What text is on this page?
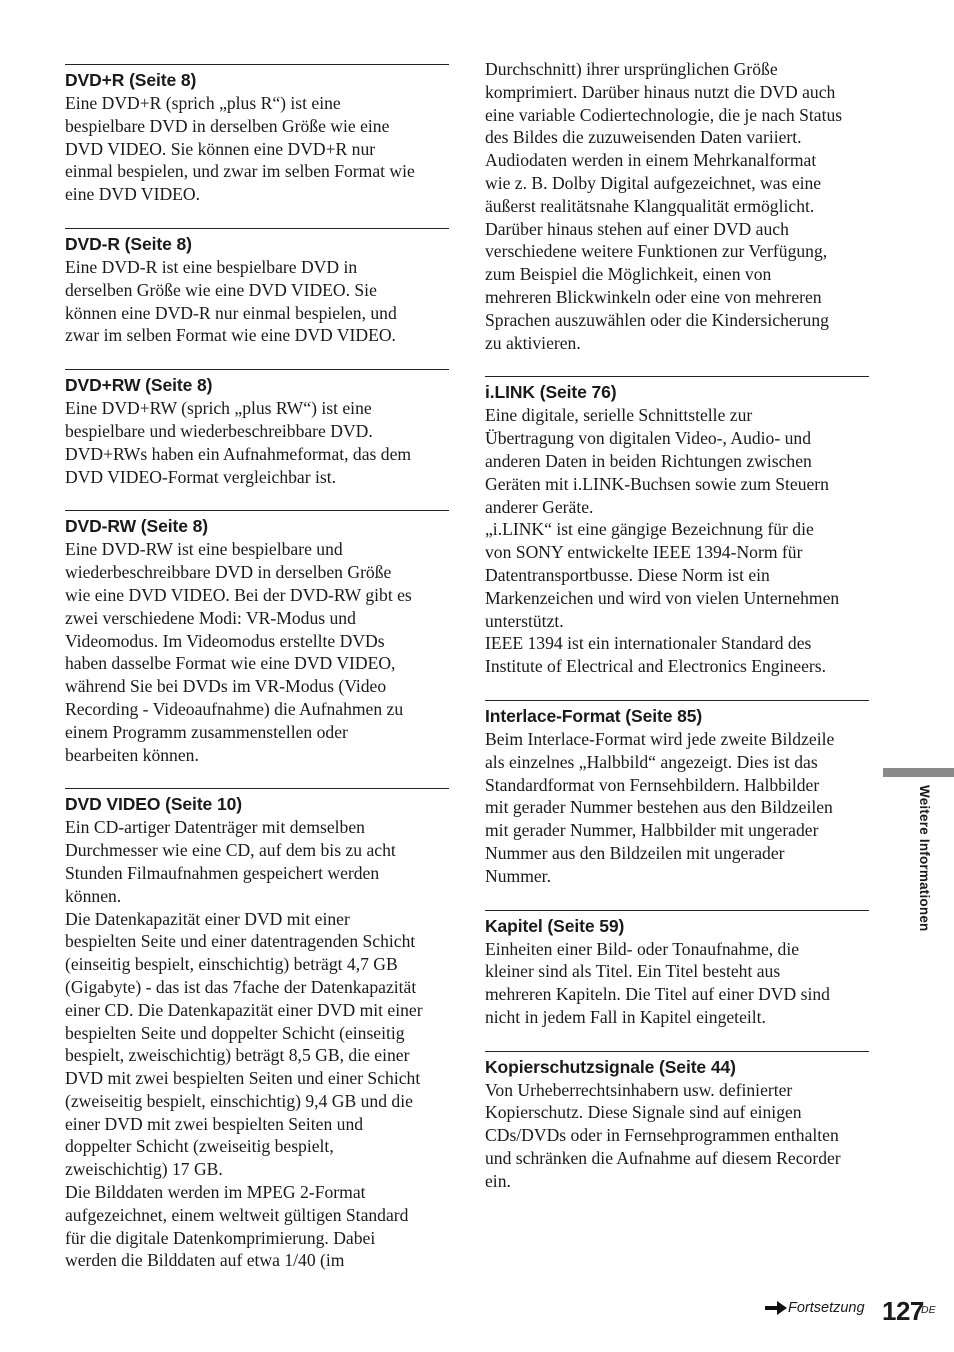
DVD+R (Seite 8)

Eine DVD+R (sprich „plus R“) ist eine
bespielbare DVD in derselben Größe wie eine
DVD VIDEO. Sie können eine DVD+R nur
einmal bespielen, und zwar im selben Format wie
eine DVD VIDEO.

DVD-R (Seite 8)

Eine DVD-R ist eine bespielbare DVD in
derselben Größe wie eine DVD VIDEO. Sie
können eine DVD-R nur einmal bespielen, und
zwar im selben Format wie eine DVD VIDEO.

DVD+RW (Seite 8)

Eine DVD+RW (sprich „plus RW“) ist eine
bespielbare und wiederbeschreibbare DVD.
DVD+RWs haben ein Aufnahmeformat, das dem
DVD VIDEO-Format vergleichbar ist.

DVD-RW (Seite 8)

Eine DVD-RW ist eine bespielbare und
wiederbeschreibbare DVD in derselben Größe
wie eine DVD VIDEO. Bei der DVD-RW gibt es
zwei verschiedene Modi: VR-Modus und
Videomodus. Im Videomodus erstellte DVDs
haben dasselbe Format wie eine DVD VIDEO,
während Sie bei DVDs im VR-Modus (Video
Recording - Videoaufnahme) die Aufnahmen zu
einem Programm zusammenstellen oder
bearbeiten können.

DVD VIDEO (Seite 10)

Ein CD-artiger Datenträger mit demselben
Durchmesser wie eine CD, auf dem bis zu acht
Stunden Filmaufnahmen gespeichert werden
können.
Die Datenkapazität einer DVD mit einer
bespielten Seite und einer datentragenden Schicht
(einseitig bespielt, einschichtig) beträgt 4,7 GB
(Gigabyte) - das ist das 7fache der Datenkapazität
einer CD. Die Datenkapazität einer DVD mit einer
bespielten Seite und doppelter Schicht (einseitig
bespielt, zweischichtig) beträgt 8,5 GB, die einer
DVD mit zwei bespielten Seiten und einer Schicht
(zweiseitig bespielt, einschichtig) 9,4 GB und die
einer DVD mit zwei bespielten Seiten und
doppelter Schicht (zweiseitig bespielt,
zweischichtig) 17 GB.
Die Bilddaten werden im MPEG 2-Format
aufgezeichnet, einem weltweit gültigen Standard
für die digitale Datenkomprimierung. Dabei
werden die Bilddaten auf etwa 1/40 (im

Durchschnitt) ihrer ursprünglichen Größe
komprimiert. Darüber hinaus nutzt die DVD auch
eine variable Codiertechnologie, die je nach Status
des Bildes die zuzuweisenden Daten variiert.
Audiodaten werden in einem Mehrkanalformat
wie z. B. Dolby Digital aufgezeichnet, was eine
äußerst realitätsnahe Klangqualität ermöglicht.
Darüber hinaus stehen auf einer DVD auch
verschiedene weitere Funktionen zur Verfügung,
zum Beispiel die Möglichkeit, einen von
mehreren Blickwinkeln oder eine von mehreren
Sprachen auszuwählen oder die Kindersicherung
zu aktivieren.

i.LINK (Seite 76)

Eine digitale, serielle Schnittstelle zur
Übertragung von digitalen Video-, Audio- und
anderen Daten in beiden Richtungen zwischen
Geräten mit i.LINK-Buchsen sowie zum Steuern
anderer Geräte.
„i.LINK“ ist eine gängige Bezeichnung für die
von SONY entwickelte IEEE 1394-Norm für
Datentransportbusse. Diese Norm ist ein
Markenzeichen und wird von vielen Unternehmen
unterstützt.
IEEE 1394 ist ein internationaler Standard des
Institute of Electrical and Electronics Engineers.

Interlace-Format (Seite 85)

Beim Interlace-Format wird jede zweite Bildzeile
als einzelnes „Halbbild“ angezeigt. Dies ist das
Standardformat von Fernsehbildern. Halbbilder
mit gerader Nummer bestehen aus den Bildzeilen
mit gerader Nummer, Halbbilder mit ungerader
Nummer aus den Bildzeilen mit ungerader
Nummer.

Kapitel (Seite 59)

Einheiten einer Bild- oder Tonaufnahme, die
kleiner sind als Titel. Ein Titel besteht aus
mehreren Kapiteln. Die Titel auf einer DVD sind
nicht in jedem Fall in Kapitel eingeteilt.

Kopierschutzsignale (Seite 44)

Von Urheberrechtsinhabern usw. definierter
Kopierschutz. Diese Signale sind auf einigen
CDs/DVDs oder in Fernsehprogrammen enthalten
und schränken die Aufnahme auf diesem Recorder
ein.

Weitere Informationen
Fortsetzung 127
DE
